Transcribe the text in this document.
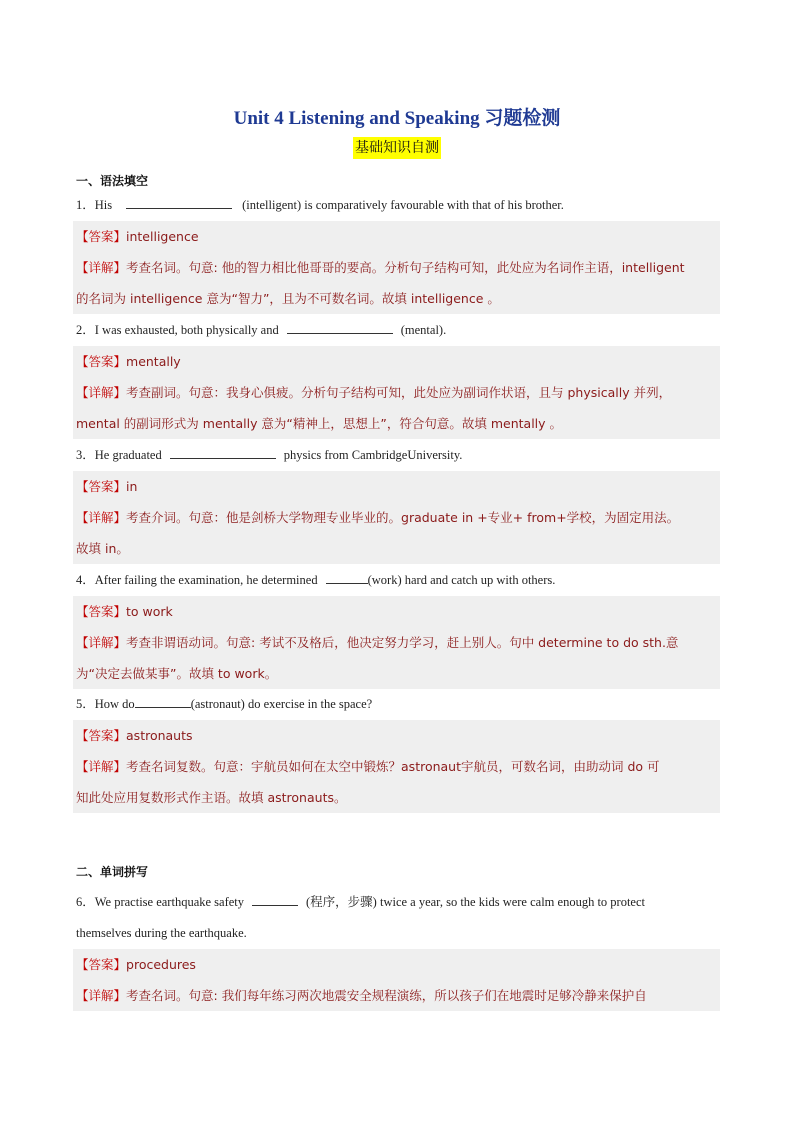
Unit 4 Listening and Speaking 习题检测
基础知识自测
一、语法填空
1．His	(intelligent) is comparatively favourable with that of his brother.
【答案】intelligence
【详解】考查名词。句意: 他的智力相比他哥哥的要高。分析句子结构可知，此处应为名词作主语，intelligent
的名词为 intelligence 意为“智力”，且为不可数名词。故填 intelligence 。
2．I was exhausted, both physically and	(mental).
【答案】mentally
【详解】考查副词。句意：我身心俱疲。分析句子结构可知，此处应为副词作状语，且与 physically 并列，
mental 的副词形式为 mentally 意为“精神上，思想上”，符合句意。故填 mentally 。
3．He graduated	physics from CambridgeUniversity.
【答案】in
【详解】考查介词。句意：他是剑桥大学物理专业毕业的。graduate in +专业+ from+学校，为固定用法。
故填 in。
4．After failing the examination, he determined	(work) hard and catch up with others.
【答案】to work
【详解】考查非谓语动词。句意: 考试不及格后，他决定努力学习，赶上别人。句中 determine to do sth.意
为“决定去做某事”。故填 to work。
5．How do	(astronaut) do exercise in the space?
【答案】astronauts
【详解】考查名词复数。句意：宇航员如何在太空中锻炼？astronaut宇航员，可数名词，由助动词 do 可
知此处应用复数形式作主语。故填 astronauts。
二、单词拼写
6．We practise earthquake safety	(程序，步骤) twice a year, so the kids were calm enough to protect
themselves during the earthquake.
【答案】procedures
【详解】考查名词。句意: 我们每年练习两次地震安全规程演练，所以孩子们在地震时足够冷静来保护自
